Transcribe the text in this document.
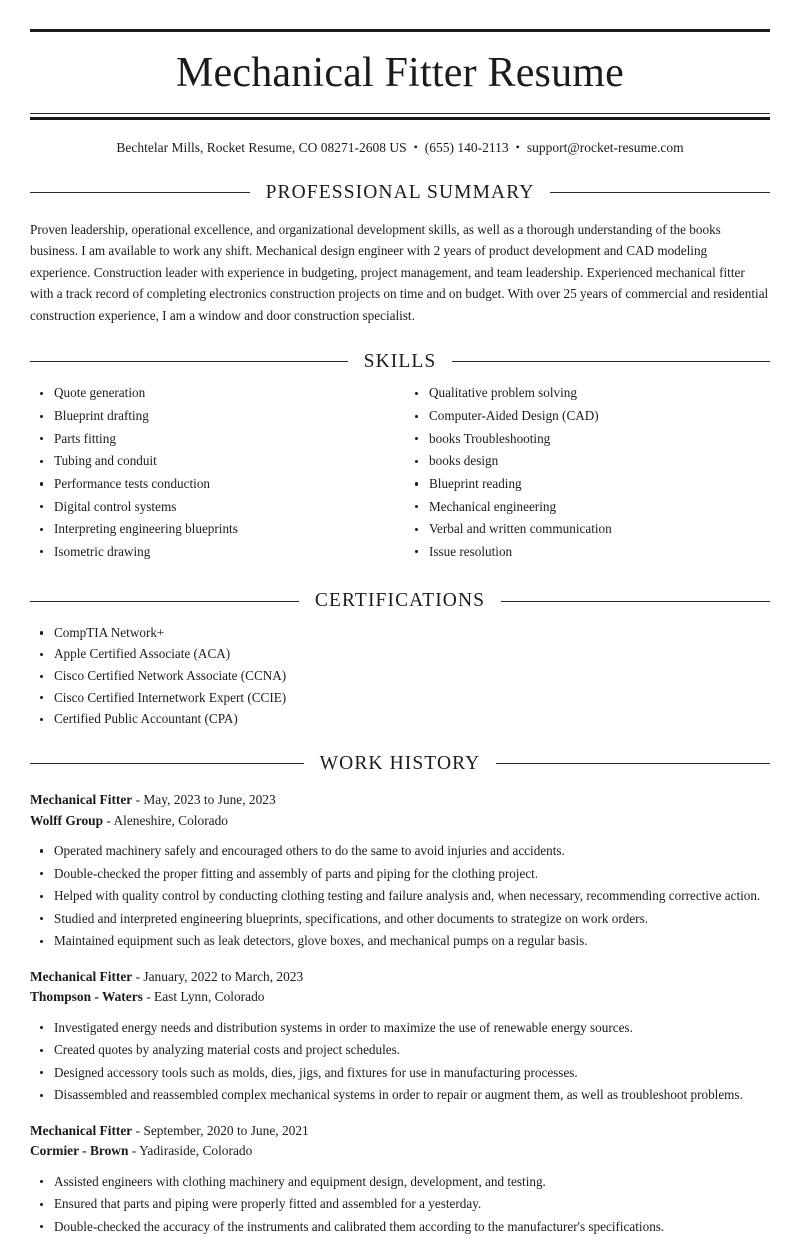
Mechanical Fitter Resume
Bechtelar Mills, Rocket Resume, CO 08271-2608 US • (655) 140-2113 • support@rocket-resume.com
PROFESSIONAL SUMMARY

Proven leadership, operational excellence, and organizational development skills, as well as a thorough understanding of the books business. I am available to work any shift. Mechanical design engineer with 2 years of product development and CAD modeling experience. Construction leader with experience in budgeting, project management, and team leadership. Experienced mechanical fitter with a track record of completing electronics construction projects on time and on budget. With over 25 years of commercial and residential construction experience, I am a window and door construction specialist.

SKILLS
Quote generation
Blueprint drafting
Parts fitting
Tubing and conduit
Performance tests conduction
Digital control systems
Interpreting engineering blueprints
Isometric drawing
Qualitative problem solving
Computer-Aided Design (CAD)
books Troubleshooting
books design
Blueprint reading
Mechanical engineering
Verbal and written communication
Issue resolution
CERTIFICATIONS
CompTIA Network+
Apple Certified Associate (ACA)
Cisco Certified Network Associate (CCNA)
Cisco Certified Internetwork Expert (CCIE)
Certified Public Accountant (CPA)
WORK HISTORY
Mechanical Fitter - May, 2023 to June, 2023
Wolff Group - Aleneshire, Colorado
Operated machinery safely and encouraged others to do the same to avoid injuries and accidents.
Double-checked the proper fitting and assembly of parts and piping for the clothing project.
Helped with quality control by conducting clothing testing and failure analysis and, when necessary, recommending corrective action.
Studied and interpreted engineering blueprints, specifications, and other documents to strategize on work orders.
Maintained equipment such as leak detectors, glove boxes, and mechanical pumps on a regular basis.
Mechanical Fitter - January, 2022 to March, 2023
Thompson - Waters - East Lynn, Colorado
Investigated energy needs and distribution systems in order to maximize the use of renewable energy sources.
Created quotes by analyzing material costs and project schedules.
Designed accessory tools such as molds, dies, jigs, and fixtures for use in manufacturing processes.
Disassembled and reassembled complex mechanical systems in order to repair or augment them, as well as troubleshoot problems.
Mechanical Fitter - September, 2020 to June, 2021
Cormier - Brown - Yadiraside, Colorado
Assisted engineers with clothing machinery and equipment design, development, and testing.
Ensured that parts and piping were properly fitted and assembled for a yesterday.
Double-checked the accuracy of the instruments and calibrated them according to the manufacturer's specifications.
